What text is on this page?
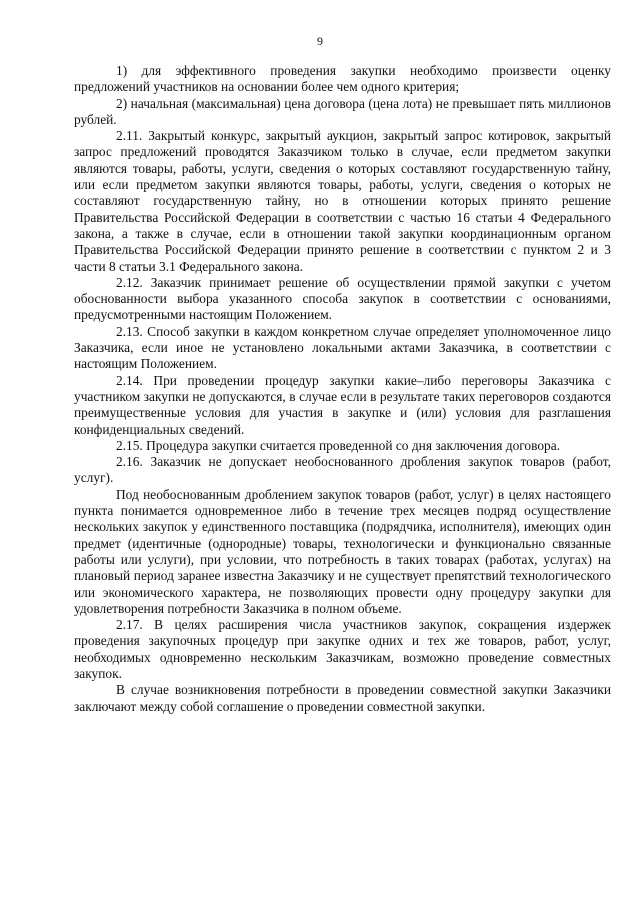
9

1) для эффективного проведения закупки необходимо произвести оценку предложений участников на основании более чем одного критерия;

2) начальная (максимальная) цена договора (цена лота) не превышает пять миллионов рублей.

2.11. Закрытый конкурс, закрытый аукцион, закрытый запрос котировок, закрытый запрос предложений проводятся Заказчиком только в случае, если предметом закупки являются товары, работы, услуги, сведения о которых составляют государственную тайну, или если предметом закупки являются товары, работы, услуги, сведения о которых не составляют государственную тайну, но в отношении которых принято решение Правительства Российской Федерации в соответствии с частью 16 статьи 4 Федерального закона, а также в случае, если в отношении такой закупки координационным органом Правительства Российской Федерации принято решение в соответствии с пунктом 2 и 3 части 8 статьи 3.1 Федерального закона.

2.12. Заказчик принимает решение об осуществлении прямой закупки с учетом обоснованности выбора указанного способа закупок в соответствии с основаниями, предусмотренными настоящим Положением.

2.13. Способ закупки в каждом конкретном случае определяет уполномоченное лицо Заказчика, если иное не установлено локальными актами Заказчика, в соответствии с настоящим Положением.

2.14. При проведении процедур закупки какие–либо переговоры Заказчика с участником закупки не допускаются, в случае если в результате таких переговоров создаются преимущественные условия для участия в закупке и (или) условия для разглашения конфиденциальных сведений.

2.15. Процедура закупки считается проведенной со дня заключения договора.

2.16. Заказчик не допускает необоснованного дробления закупок товаров (работ, услуг).

Под необоснованным дроблением закупок товаров (работ, услуг) в целях настоящего пункта понимается одновременное либо в течение трех месяцев подряд осуществление нескольких закупок у единственного поставщика (подрядчика, исполнителя), имеющих один предмет (идентичные (однородные) товары, технологически и функционально связанные работы или услуги), при условии, что потребность в таких товарах (работах, услугах) на плановый период заранее известна Заказчику и не существует препятствий технологического или экономического характера, не позволяющих провести одну процедуру закупки для удовлетворения потребности Заказчика в полном объеме.

2.17. В целях расширения числа участников закупок, сокращения издержек проведения закупочных процедур при закупке одних и тех же товаров, работ, услуг, необходимых одновременно нескольким Заказчикам, возможно проведение совместных закупок.

В случае возникновения потребности в проведении совместной закупки Заказчики заключают между собой соглашение о проведении совместной закупки.
